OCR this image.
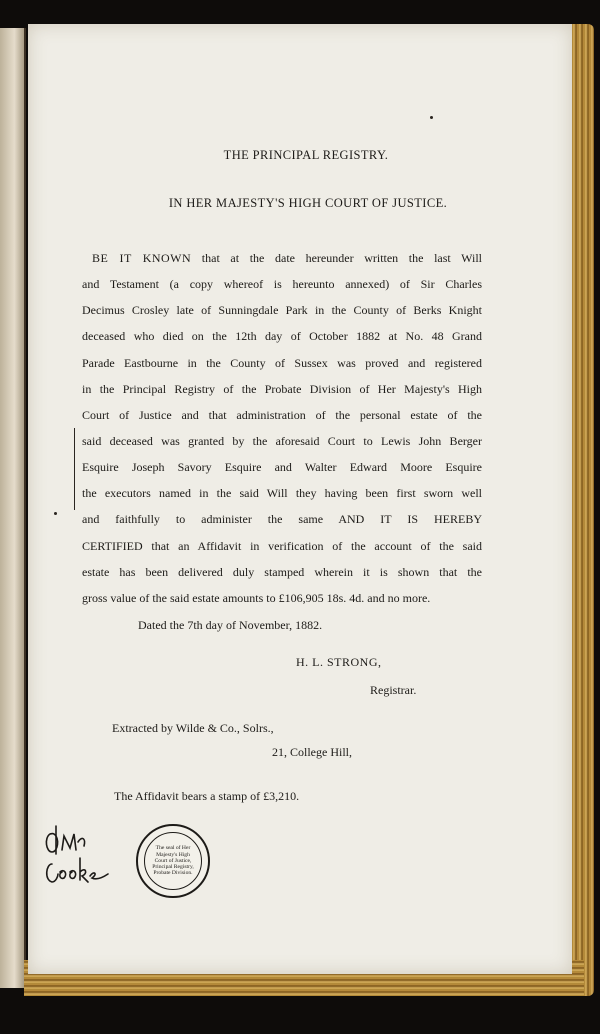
THE PRINCIPAL REGISTRY.
IN HER MAJESTY'S HIGH COURT OF JUSTICE.
BE IT KNOWN that at the date hereunder written the last Will
and Testament (a copy whereof is hereunto annexed) of Sir Charles
Decimus Crosley late of Sunningdale Park in the County of Berks Knight
deceased who died on the 12th day of October 1882 at No. 48 Grand
Parade Eastbourne in the County of Sussex was proved and registered
in the Principal Registry of the Probate Division of Her Majesty's High
Court of Justice and that administration of the personal estate of the
said deceased was granted by the aforesaid Court to Lewis John Berger
Esquire Joseph Savory Esquire and Walter Edward Moore Esquire
the executors named in the said Will they having been first sworn well
and faithfully to administer the same AND IT IS HEREBY
CERTIFIED that an Affidavit in verification of the account of the said
estate has been delivered duly stamped wherein it is shown that the
gross value of the said estate amounts to £106,905 18s. 4d. and no more.
Dated the 7th day of November, 1882.
H. L. STRONG,
Registrar.
Extracted by Wilde & Co., Solrs.,
21, College Hill,
The Affidavit bears a stamp of £3,210.
The seal of Her
Majesty's High
Court of Justice,
Principal Registry,
Probate Division.
